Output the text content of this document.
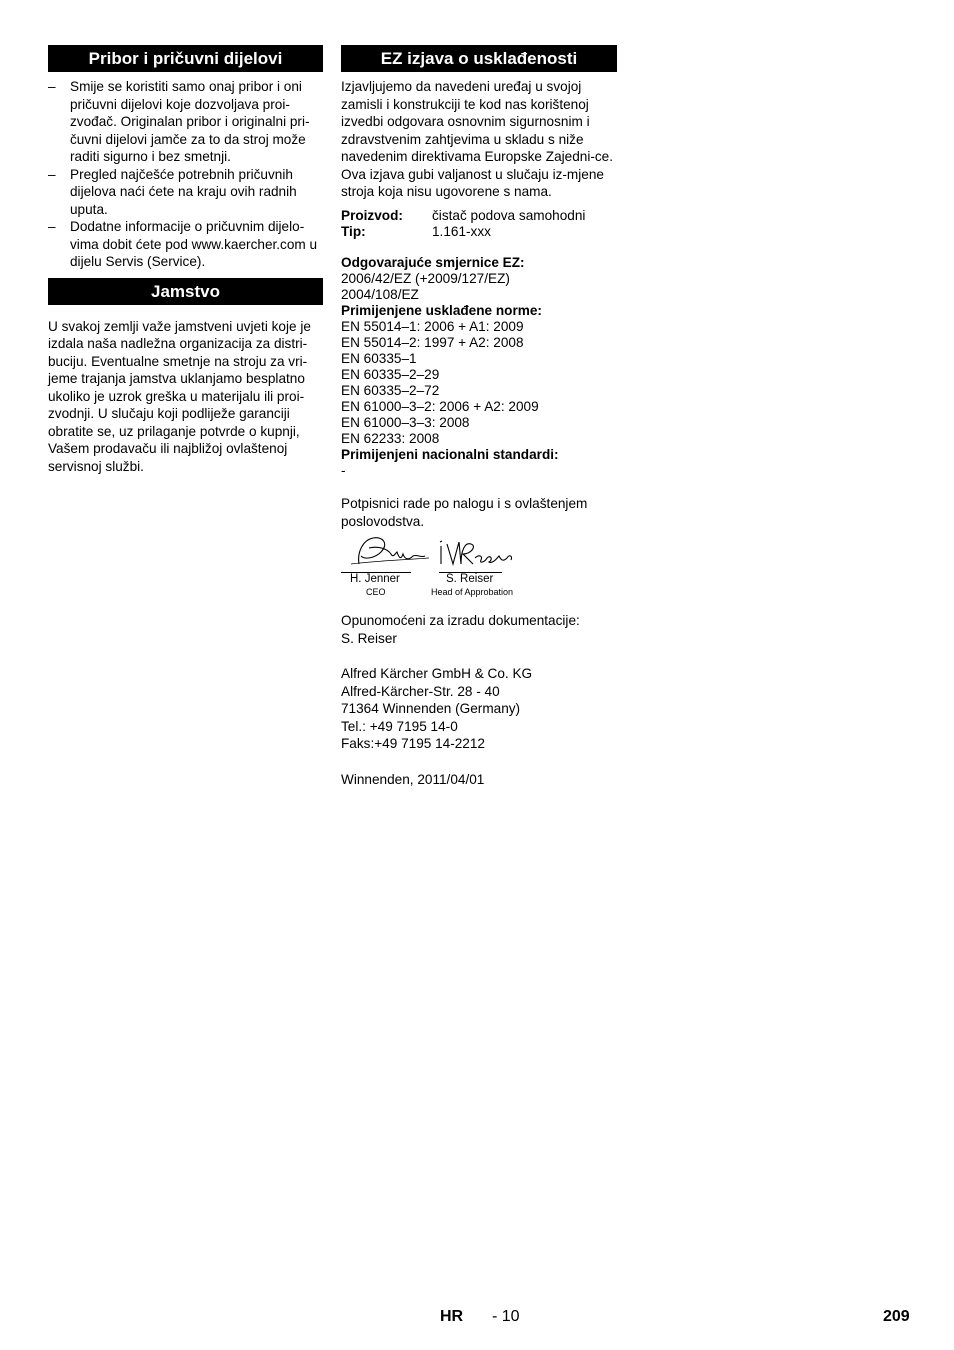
Pribor i pričuvni dijelovi
– Smije se koristiti samo onaj pribor i oni pričuvni dijelovi koje dozvoljava proi-zvođač. Originalan pribor i originalni pri-čuvni dijelovi jamče za to da stroj može raditi sigurno i bez smetnji.
– Pregled najčešće potrebnih pričuvnih dijelova naći ćete na kraju ovih radnih uputa.
– Dodatne informacije o pričuvnim dijelo-vima dobit ćete pod www.kaercher.com u dijelu Servis (Service).
Jamstvo

U svakoj zemlji važe jamstveni uvjeti koje je izdala naša nadležna organizacija za distri-buciju. Eventualne smetnje na stroju za vri-jeme trajanja jamstva uklanjamo besplatno ukoliko je uzrok greška u materijalu ili proi-zvodnji. U slučaju koji podliježe garanciji obratite se, uz prilaganje potvrde o kupnji, Vašem prodavaču ili najbližoj ovlaštenoj servisnoj službi.

EZ izjava o usklađenosti

Izjavljujemo da navedeni uređaj u svojoj zamisli i konstrukciji te kod nas korištenoj izvedbi odgovara osnovnim sigurnosnim i zdravstvenim zahtjevima u skladu s niže navedenim direktivama Europske Zajedni-ce. Ova izjava gubi valjanost u slučaju iz-mjene stroja koja nisu ugovorene s nama.

Proizvod:	čistač podova samohodni
Tip:	1.161-xxx
Odgovarajuće smjernice EZ:
2006/42/EZ (+2009/127/EZ)
2004/108/EZ
Primijenjene usklađene norme:
EN 55014–1: 2006 + A1: 2009
EN 55014–2: 1997 + A2: 2008
EN 60335–1
EN 60335–2–29
EN 60335–2–72
EN 61000–3–2: 2006 + A2: 2009
EN 61000–3–3: 2008
EN 62233: 2008
Primijenjeni nacionalni standardi:
-

Potpisnici rade po nalogu i s ovlaštenjem poslovodstva.

H. Jenner
CEO
S. Reiser
Head of Approbation

Opunomoćeni za izradu dokumentacije:

S. Reiser

Alfred Kärcher GmbH & Co. KG
Alfred-Kärcher-Str. 28 - 40
71364 Winnenden (Germany)
Tel.: +49 7195 14-0
Faks:+49 7195 14-2212

Winnenden, 2011/04/01

HR - 10	209
